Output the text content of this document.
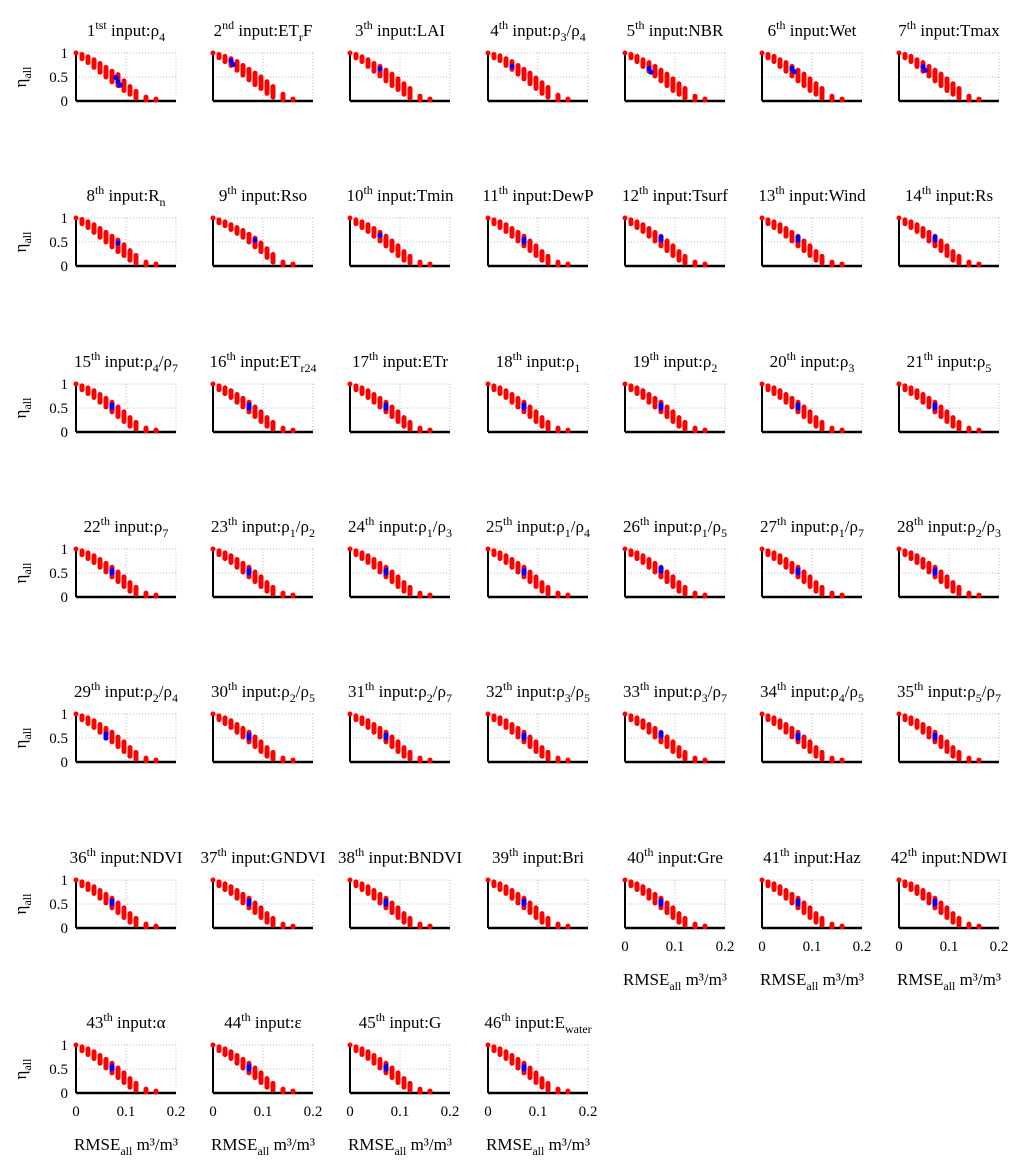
$1^{tst}$ $input:\rho_4$
0
0.5
1
$\eta_{all}$
2nd $input:ET_rF$	3th input:LAI	4th $input:\rho_3/\rho_4$ 5th input:NBR	6th input:Wet 7th input:Tmax
8th $input:R_n$
0
0.5
1
$\eta_{all}$
9th input:Rso 10th input:Tmin 11th input:DewP 12th input:Tsurf 13th input:Wind 14th input:Rs
15th $input:\rho_4/\rho_7$
0
0.5
1
$\eta_{all}$
16th $input:ET_{r24}$ 17th input:ETr	18th $input:\rho_1$	19th $input:\rho_2$	20th $input:\rho_3$	21th $input:\rho_5$
22th $input:\rho_7$
0
0.5
1
$\eta_{all}$
23th $input:\rho_1/\rho_2$ 24th $input:\rho_1/\rho_3$ 25th $input:\rho_1/\rho_4$ 26th $input:\rho_1/\rho_5$ 27th $input:\rho_1/\rho_7$ 28th $input:\rho_2/\rho_3$
29th $input:\rho_2/\rho_4$
0
0.5
1
$\eta_{all}$
30th $input:\rho_2/\rho_5$ 31th $input:\rho_2/\rho_7$ 32th $input:\rho_3/\rho_5$ 33th $input:\rho_3/\rho_7$ 34th $input:\rho_4/\rho_5$ 35th $input:\rho_5/\rho_7$
36th input:NDVI
0
0.5
1
$\eta_{all}$
37th input:GNDVI 38th input:BNDVI 39th input:Bri	40th input:Gre
0 0.1 0.2
$RMSE_{all}$ m³/m³
41th input:Haz
0 0.1 0.2
$RMSE_{all}$ m³/m³
42th input:NDWI
0 0.1 0.2
$RMSE_{all}$ m³/m³
43th input:α
0
0.5
1
$\eta_{all}$
0 0.1 0.2
$RMSE_{all}$ m³/m³
44th input:ε
0 0.1 0.2
$RMSE_{all}$ m³/m³
45th input:G
0 0.1 0.2
$RMSE_{all}$ m³/m³
46th $input:E_{water}$
0 0.1 0.2
$RMSE_{all}$ m³/m³
